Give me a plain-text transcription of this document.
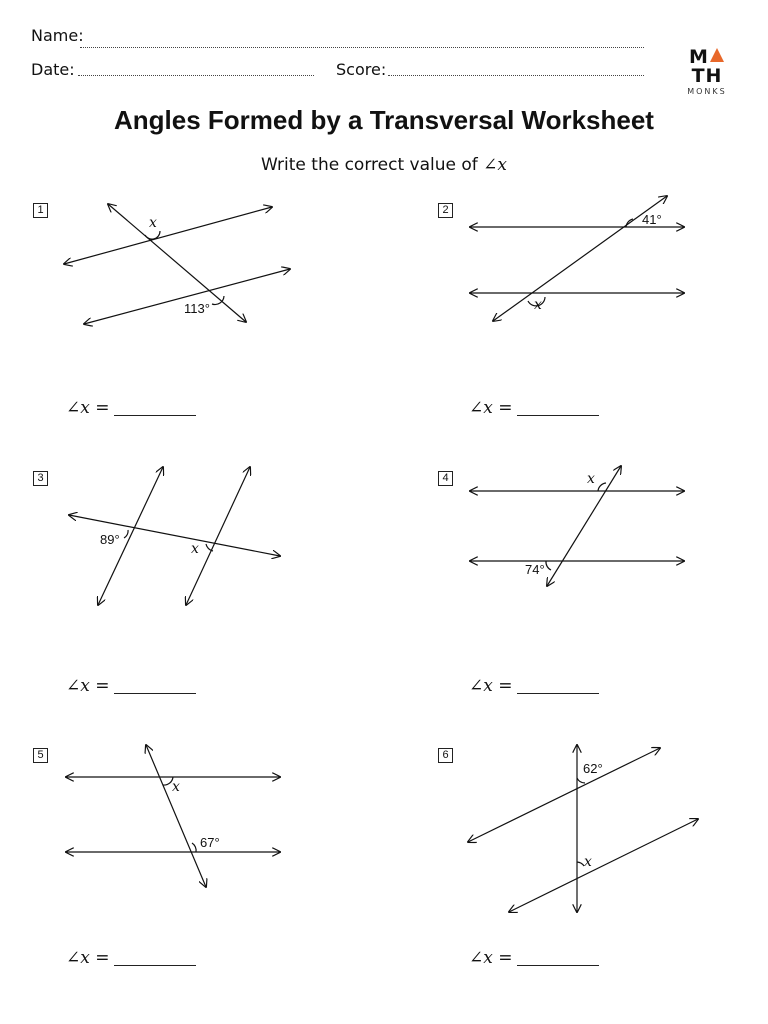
Name:
Date:	Score:
MTH
MONKS
Angles Formed by a Transversal Worksheet
Write the correct value of ∠x
1	2
3	4
5	6
x
113°
41°
x
89°
x
x
74°
x
67°
62°
x
∠x =	∠x =
∠x =	∠x =
∠x =	∠x =
